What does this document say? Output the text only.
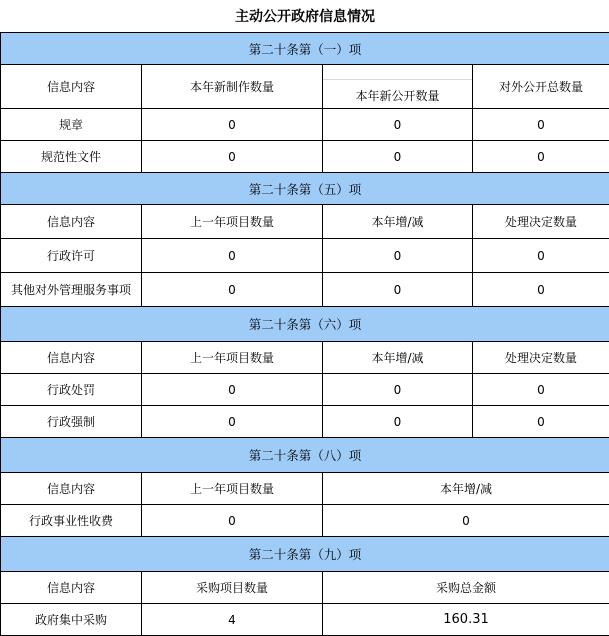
主动公开政府信息情况			
第二十条第（一）项			
信息内容	本年新制作数量	本年新公开数量	对外公开总数量
规章	0	0	0
规范性文件	0	0	0
第二十条第（五）项			
信息内容	上一年项目数量	本年增/减	处理决定数量
行政许可	0	0	0
其他对外管理服务事项	0	0	0
第二十条第（六）项			
信息内容	上一年项目数量	本年增/减	处理决定数量
行政处罚	0	0	0
行政强制	0	0	0
第二十条第（八）项			
信息内容	上一年项目数量	本年增/减	
行政事业性收费	0	0	
第二十条第（九）项			
信息内容	采购项目数量	采购总金额	
政府集中采购	4	160.31	
